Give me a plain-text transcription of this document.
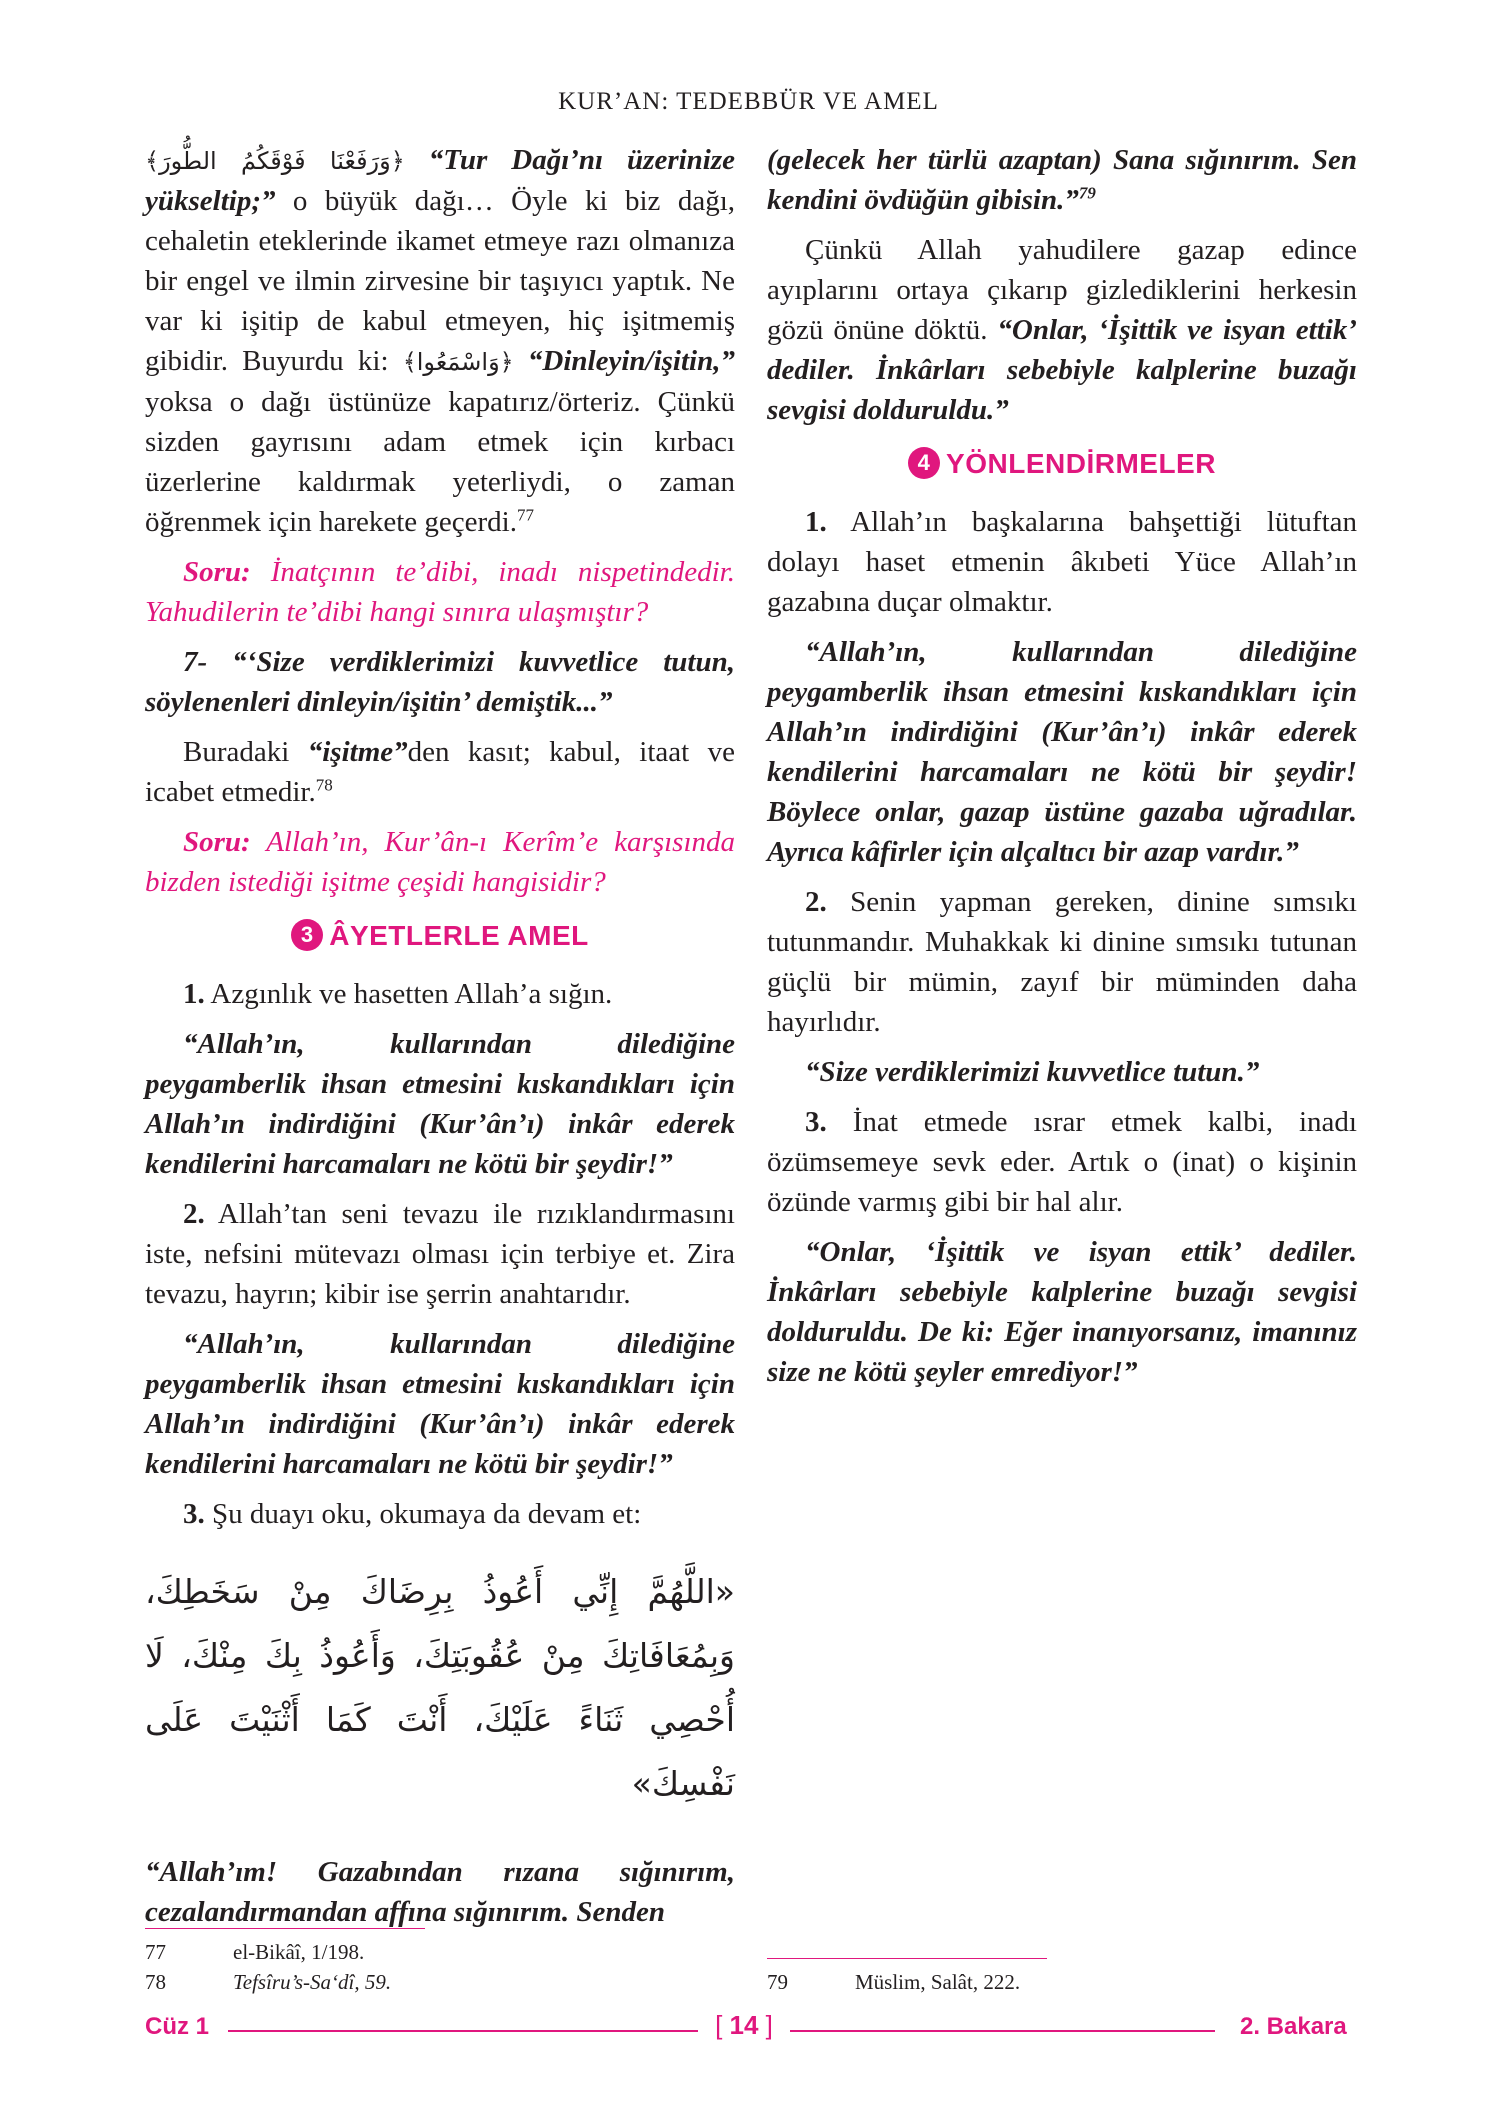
KUR’AN: TEDEBBÜR VE AMEL

﴿وَرَفَعْنَا فَوْقَكُمُ الطُّورَ﴾ “Tur Dağı’nı üzerinize yükseltip;” o büyük dağı… Öyle ki biz dağı, cehaletin eteklerinde ikamet etmeye razı olmanıza bir engel ve ilmin zirvesine bir taşıyıcı yaptık. Ne var ki işitip de kabul etmeyen, hiç işitmemiş gibidir. Buyurdu ki: ﴿وَاسْمَعُوا﴾ “Dinleyin/işitin,” yoksa o dağı üstünüze kapatırız/örteriz. Çünkü sizden gayrısını adam etmek için kırbacı üzerlerine kaldırmak yeterliydi, o zaman öğrenmek için harekete geçerdi.$^{77}$

Soru: İnatçının te’dibi, inadı nispetindedir. Yahudilerin te’dibi hangi sınıra ulaşmıştır?

7- “‘Size verdiklerimizi kuvvetlice tutun, söylenenleri dinleyin/işitin’ demiştik...”

Buradaki “işitme”den kasıt; kabul, itaat ve icabet etmedir.$^{78}$

Soru: Allah’ın, Kur’ân-ı Kerîm’e karşısında bizden istediği işitme çeşidi hangisidir?

3 ÂYETLERLE AMEL

1. Azgınlık ve hasetten Allah’a sığın.

“Allah’ın, kullarından dilediğine peygamberlik ihsan etmesini kıskandıkları için Allah’ın indirdiğini (Kur’ân’ı) inkâr ederek kendilerini harcamaları ne kötü bir şeydir!”

2. Allah’tan seni tevazu ile rızıklandırmasını iste, nefsini mütevazı olması için terbiye et. Zira tevazu, hayrın; kibir ise şerrin anahtarıdır.

“Allah’ın, kullarından dilediğine peygamberlik ihsan etmesini kıskandıkları için Allah’ın indirdiğini (Kur’ân’ı) inkâr ederek kendilerini harcamaları ne kötü bir şeydir!”

3. Şu duayı oku, okumaya da devam et:

«اللَّهُمَّ إِنِّي أَعُوذُ بِرِضَاكَ مِنْ سَخَطِكَ، وَبِمُعَافَاتِكَ مِنْ عُقُوبَتِكَ، وَأَعُوذُ بِكَ مِنْكَ، لَا أُحْصِي ثَنَاءً عَلَيْكَ، أَنْتَ كَمَا أَثْنَيْتَ عَلَى نَفْسِكَ»

“Allah’ım! Gazabından rızana sığınırım, cezalandırmandan affına sığınırım. Senden

(gelecek her türlü azaptan) Sana sığınırım. Sen kendini övdüğün gibisin.”$^{79}$

Çünkü Allah yahudilere gazap edince ayıplarını ortaya çıkarıp gizlediklerini herkesin gözü önüne döktü. “Onlar, ‘İşittik ve isyan ettik’ dediler. İnkârları sebebiyle kalplerine buzağı sevgisi dolduruldu.”

4 YÖNLENDİRMELER

1. Allah’ın başkalarına bahşettiği lütuftan dolayı haset etmenin âkıbeti Yüce Allah’ın gazabına duçar olmaktır.

“Allah’ın, kullarından dilediğine peygamberlik ihsan etmesini kıskandıkları için Allah’ın indirdiğini (Kur’ân’ı) inkâr ederek kendilerini harcamaları ne kötü bir şeydir! Böylece onlar, gazap üstüne gazaba uğradılar. Ayrıca kâfirler için alçaltıcı bir azap vardır.”

2. Senin yapman gereken, dinine sımsıkı tutunmandır. Muhakkak ki dinine sımsıkı tutunan güçlü bir mümin, zayıf bir müminden daha hayırlıdır.

“Size verdiklerimizi kuvvetlice tutun.”

3. İnat etmede ısrar etmek kalbi, inadı özümsemeye sevk eder. Artık o (inat) o kişinin özünde varmış gibi bir hal alır.

“Onlar, ‘İşittik ve isyan ettik’ dediler. İnkârları sebebiyle kalplerine buzağı sevgisi dolduruldu. De ki: Eğer inanıyorsanız, imanınız size ne kötü şeyler emrediyor!”

77	el-Bikâî, 1/198.
78	Tefsîru’s-Sa‘dî, 59.	79	Müslim, Salât, 222.
Cüz 1	[ 14 ]	2. Bakara
